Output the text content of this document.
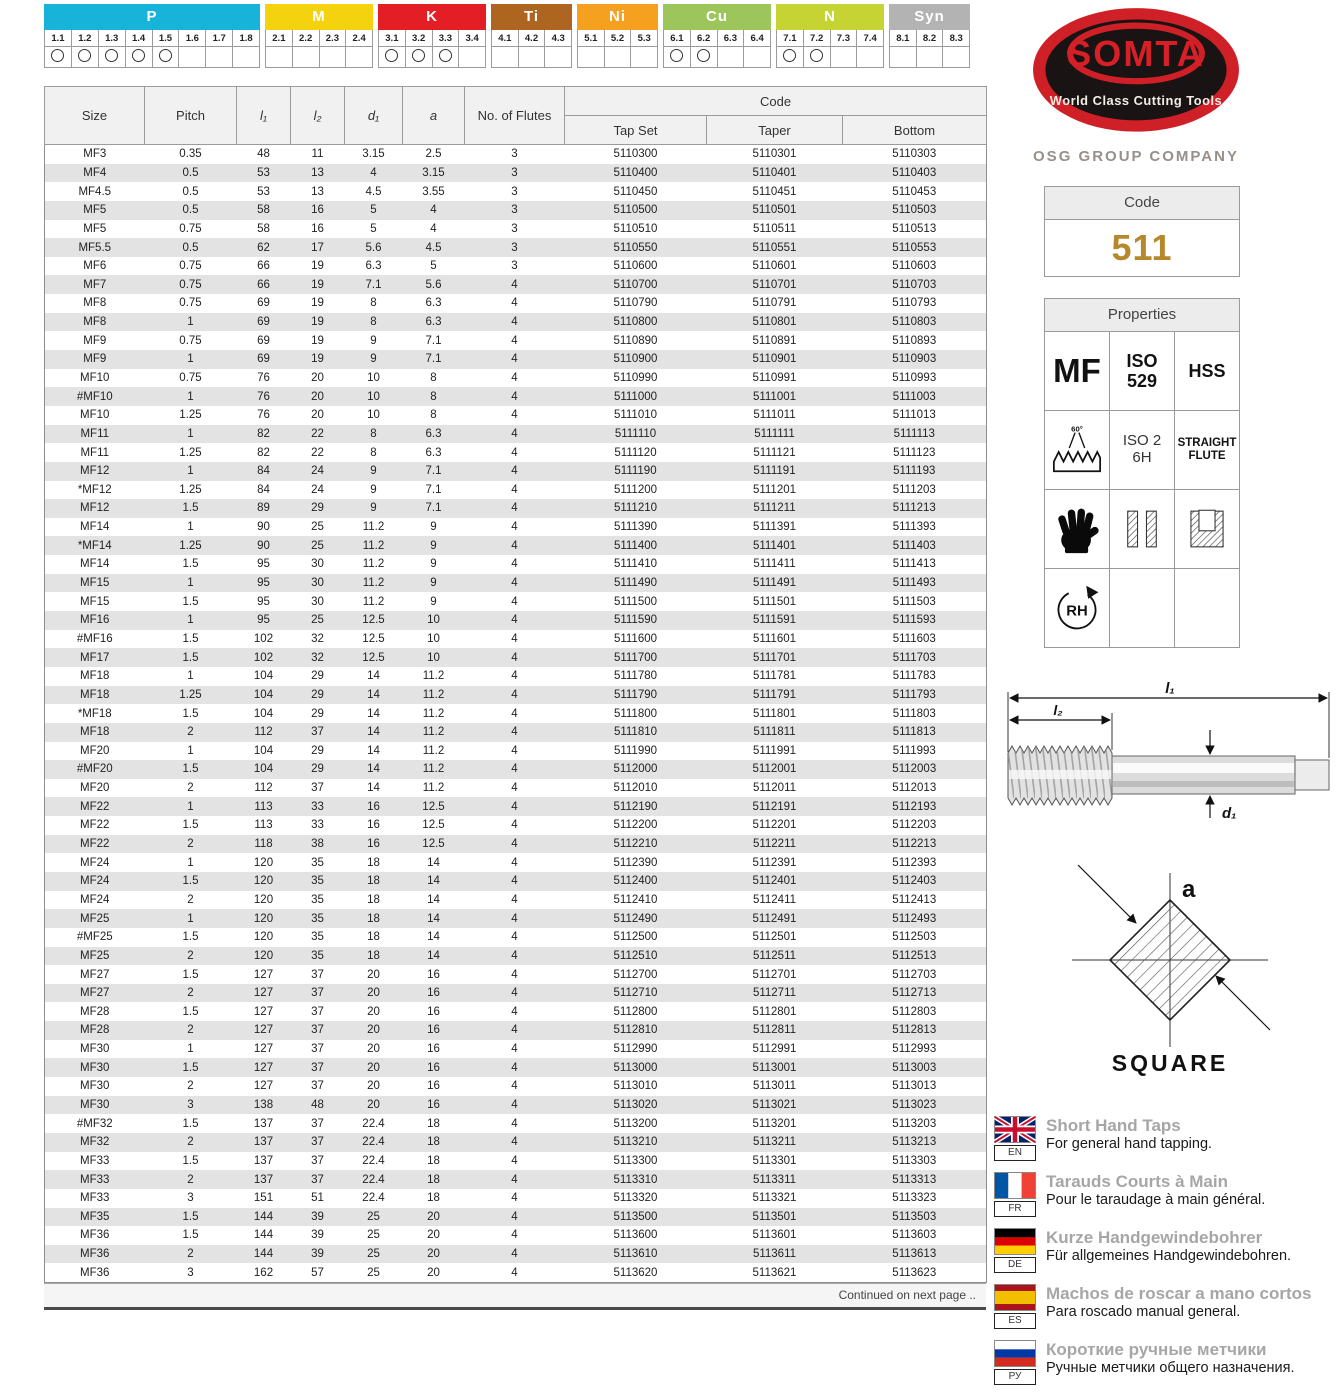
P
1.1	1.2	1.3	1.4	1.5	1.6	1.7	1.8
M
2.1	2.2	2.3	2.4
K
3.1	3.2	3.3	3.4
Ti
4.1	4.2	4.3
Ni
5.1	5.2	5.3
Cu
6.1	6.2	6.3	6.4
N
7.1	7.2	7.3	7.4
Syn
8.1	8.2	8.3
Size	Pitch	l₁	l₂	d₁	a	No. of Flutes	Code		
							Tap Set	Taper	Bottom
MF3	0.35	48	11	3.15	2.5	3	5110300	5110301	5110303
MF4	0.5	53	13	4	3.15	3	5110400	5110401	5110403
MF4.5	0.5	53	13	4.5	3.55	3	5110450	5110451	5110453
MF5	0.5	58	16	5	4	3	5110500	5110501	5110503
MF5	0.75	58	16	5	4	3	5110510	5110511	5110513
MF5.5	0.5	62	17	5.6	4.5	3	5110550	5110551	5110553
MF6	0.75	66	19	6.3	5	3	5110600	5110601	5110603
MF7	0.75	66	19	7.1	5.6	4	5110700	5110701	5110703
MF8	0.75	69	19	8	6.3	4	5110790	5110791	5110793
MF8	1	69	19	8	6.3	4	5110800	5110801	5110803
MF9	0.75	69	19	9	7.1	4	5110890	5110891	5110893
MF9	1	69	19	9	7.1	4	5110900	5110901	5110903
MF10	0.75	76	20	10	8	4	5110990	5110991	5110993
#MF10	1	76	20	10	8	4	5111000	5111001	5111003
MF10	1.25	76	20	10	8	4	5111010	5111011	5111013
MF11	1	82	22	8	6.3	4	5111110	5111111	5111113
MF11	1.25	82	22	8	6.3	4	5111120	5111121	5111123
MF12	1	84	24	9	7.1	4	5111190	5111191	5111193
*MF12	1.25	84	24	9	7.1	4	5111200	5111201	5111203
MF12	1.5	89	29	9	7.1	4	5111210	5111211	5111213
MF14	1	90	25	11.2	9	4	5111390	5111391	5111393
*MF14	1.25	90	25	11.2	9	4	5111400	5111401	5111403
MF14	1.5	95	30	11.2	9	4	5111410	5111411	5111413
MF15	1	95	30	11.2	9	4	5111490	5111491	5111493
MF15	1.5	95	30	11.2	9	4	5111500	5111501	5111503
MF16	1	95	25	12.5	10	4	5111590	5111591	5111593
#MF16	1.5	102	32	12.5	10	4	5111600	5111601	5111603
MF17	1.5	102	32	12.5	10	4	5111700	5111701	5111703
MF18	1	104	29	14	11.2	4	5111780	5111781	5111783
MF18	1.25	104	29	14	11.2	4	5111790	5111791	5111793
*MF18	1.5	104	29	14	11.2	4	5111800	5111801	5111803
MF18	2	112	37	14	11.2	4	5111810	5111811	5111813
MF20	1	104	29	14	11.2	4	5111990	5111991	5111993
#MF20	1.5	104	29	14	11.2	4	5112000	5112001	5112003
MF20	2	112	37	14	11.2	4	5112010	5112011	5112013
MF22	1	113	33	16	12.5	4	5112190	5112191	5112193
MF22	1.5	113	33	16	12.5	4	5112200	5112201	5112203
MF22	2	118	38	16	12.5	4	5112210	5112211	5112213
MF24	1	120	35	18	14	4	5112390	5112391	5112393
MF24	1.5	120	35	18	14	4	5112400	5112401	5112403
MF24	2	120	35	18	14	4	5112410	5112411	5112413
MF25	1	120	35	18	14	4	5112490	5112491	5112493
#MF25	1.5	120	35	18	14	4	5112500	5112501	5112503
MF25	2	120	35	18	14	4	5112510	5112511	5112513
MF27	1.5	127	37	20	16	4	5112700	5112701	5112703
MF27	2	127	37	20	16	4	5112710	5112711	5112713
MF28	1.5	127	37	20	16	4	5112800	5112801	5112803
MF28	2	127	37	20	16	4	5112810	5112811	5112813
MF30	1	127	37	20	16	4	5112990	5112991	5112993
MF30	1.5	127	37	20	16	4	5113000	5113001	5113003
MF30	2	127	37	20	16	4	5113010	5113011	5113013
MF30	3	138	48	20	16	4	5113020	5113021	5113023
#MF32	1.5	137	37	22.4	18	4	5113200	5113201	5113203
MF32	2	137	37	22.4	18	4	5113210	5113211	5113213
MF33	1.5	137	37	22.4	18	4	5113300	5113301	5113303
MF33	2	137	37	22.4	18	4	5113310	5113311	5113313
MF33	3	151	51	22.4	18	4	5113320	5113321	5113323
MF35	1.5	144	39	25	20	4	5113500	5113501	5113503
MF36	1.5	144	39	25	20	4	5113600	5113601	5113603
MF36	2	144	39	25	20	4	5113610	5113611	5113613
MF36	3	162	57	25	20	4	5113620	5113621	5113623
Continued on next page ..
SOMTA
World Class Cutting Tools
OSG GROUP COMPANY
Code
511
Properties
MF ISO
529
HSS
60°
ISO 2
6H
STRAIGHT
FLUTE
RH
l₁
l₂
d₁
a
SQUARE
EN
Short Hand Taps
For general hand tapping.
FR
Tarauds Courts à Main
Pour le taraudage à main général.
DE
Kurze Handgewindebohrer
Für allgemeines Handgewindebohren.
ES
Machos de roscar a mano cortos
Para roscado manual general.
РУ
Короткие ручные метчики
Ручные метчики общего назначения.
